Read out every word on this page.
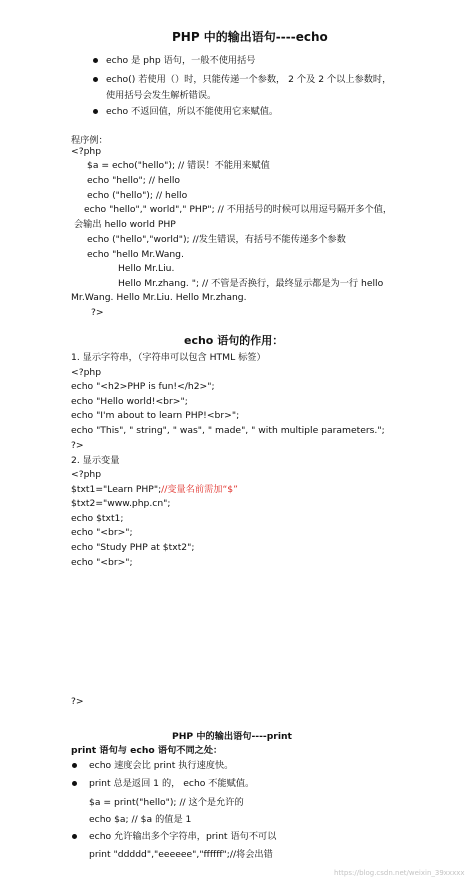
PHP 中的输出语句----echo
echo 是 php 语句，一般不使用括号
echo() 若使用（）时，只能传递一个参数， 2 个及 2 个以上参数时，
使用括号会发生解析错误。
echo 不返回值，所以不能使用它来赋值。
程序例：
<?php
$a = echo("hello"); // 错误！不能用来赋值
echo "hello"; // hello
echo ("hello"); // hello
echo "hello"," world"," PHP"; // 不用括号的时候可以用逗号隔开多个值，
会输出 hello world PHP
echo ("hello","world"); //发生错误，有括号不能传递多个参数
echo "hello Mr.Wang.
Hello Mr.Liu.
Hello Mr.zhang. "; // 不管是否换行，最终显示都是为一行 hello
Mr.Wang. Hello Mr.Liu. Hello Mr.zhang.
?>
echo 语句的作用：
1. 显示字符串，（字符串可以包含 HTML 标签）
<?php
echo "<h2>PHP is fun!</h2>";
echo "Hello world!<br>";
echo "I'm about to learn PHP!<br>";
echo "This", " string", " was", " made", " with multiple parameters.";
?>
2. 显示变量
<?php
$txt1="Learn PHP";//变量名前需加“$”
$txt2="www.php.cn";
echo $txt1;
echo "<br>";
echo "Study PHP at $txt2";
echo "<br>";
?>
PHP 中的输出语句----print
print 语句与 echo 语句不同之处：
echo 速度会比 print 执行速度快。
print 总是返回 1 的， echo 不能赋值。
$a = print("hello"); // 这个是允许的
echo $a; // $a 的值是 1
echo 允许输出多个字符串，print 语句不可以
print "ddddd","eeeeee","ffffff";//将会出错
https://blog.csdn.net/weixin_39xxxxx
